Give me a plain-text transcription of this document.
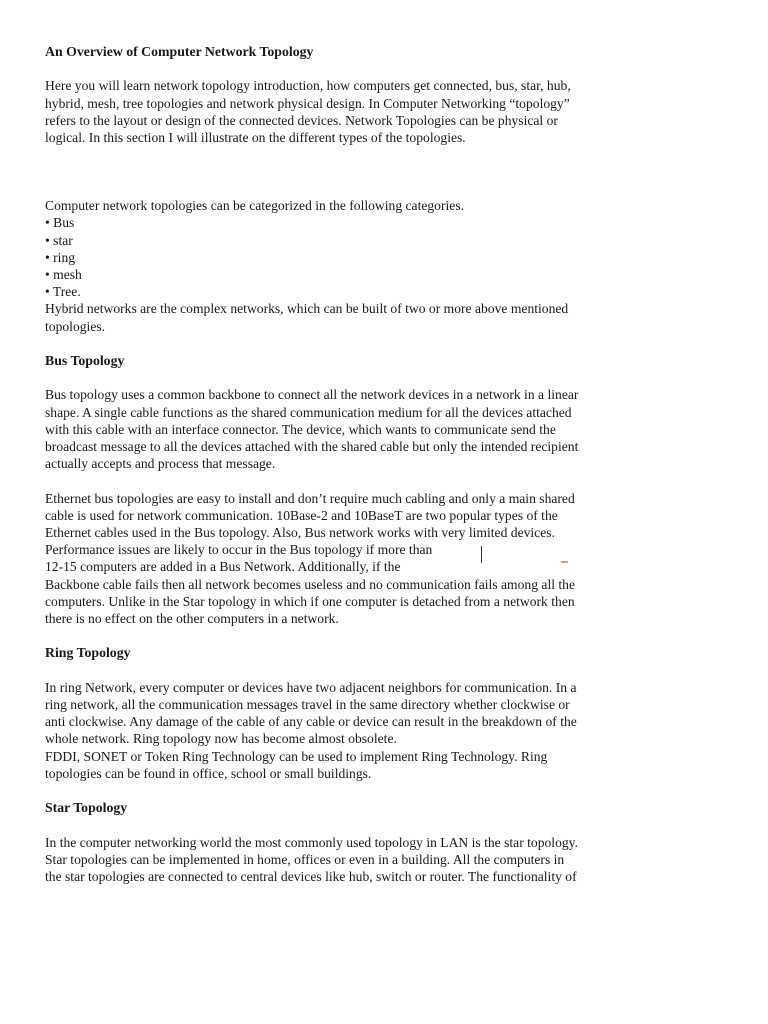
An Overview of Computer Network Topology

Here you will learn network topology introduction, how computers get connected, bus, star, hub,
hybrid, mesh, tree topologies and network physical design. In Computer Networking “topology”
refers to the layout or design of the connected devices. Network Topologies can be physical or
logical. In this section I will illustrate on the different types of the topologies.

Computer network topologies can be categorized in the following categories.
• Bus
• star
• ring
• mesh
• Tree.
Hybrid networks are the complex networks, which can be built of two or more above mentioned
topologies.

Bus Topology

Bus topology uses a common backbone to connect all the network devices in a network in a linear
shape. A single cable functions as the shared communication medium for all the devices attached
with this cable with an interface connector. The device, which wants to communicate send the
broadcast message to all the devices attached with the shared cable but only the intended recipient
actually accepts and process that message.

Ethernet bus topologies are easy to install and don’t require much cabling and only a main shared
cable is used for network communication. 10Base-2 and 10BaseT are two popular types of the
Ethernet cables used in the Bus topology. Also, Bus network works with very limited devices.
Performance issues are likely to occur in the Bus topology if more than
12-15 computers are added in a Bus Network. Additionally, if the
Backbone cable fails then all network becomes useless and no communication fails among all the
computers. Unlike in the Star topology in which if one computer is detached from a network then
there is no effect on the other computers in a network.

Ring Topology

In ring Network, every computer or devices have two adjacent neighbors for communication. In a
ring network, all the communication messages travel in the same directory whether clockwise or
anti clockwise. Any damage of the cable of any cable or device can result in the breakdown of the
whole network. Ring topology now has become almost obsolete.
FDDI, SONET or Token Ring Technology can be used to implement Ring Technology. Ring
topologies can be found in office, school or small buildings.

Star Topology

In the computer networking world the most commonly used topology in LAN is the star topology.
Star topologies can be implemented in home, offices or even in a building. All the computers in
the star topologies are connected to central devices like hub, switch or router. The functionality of
